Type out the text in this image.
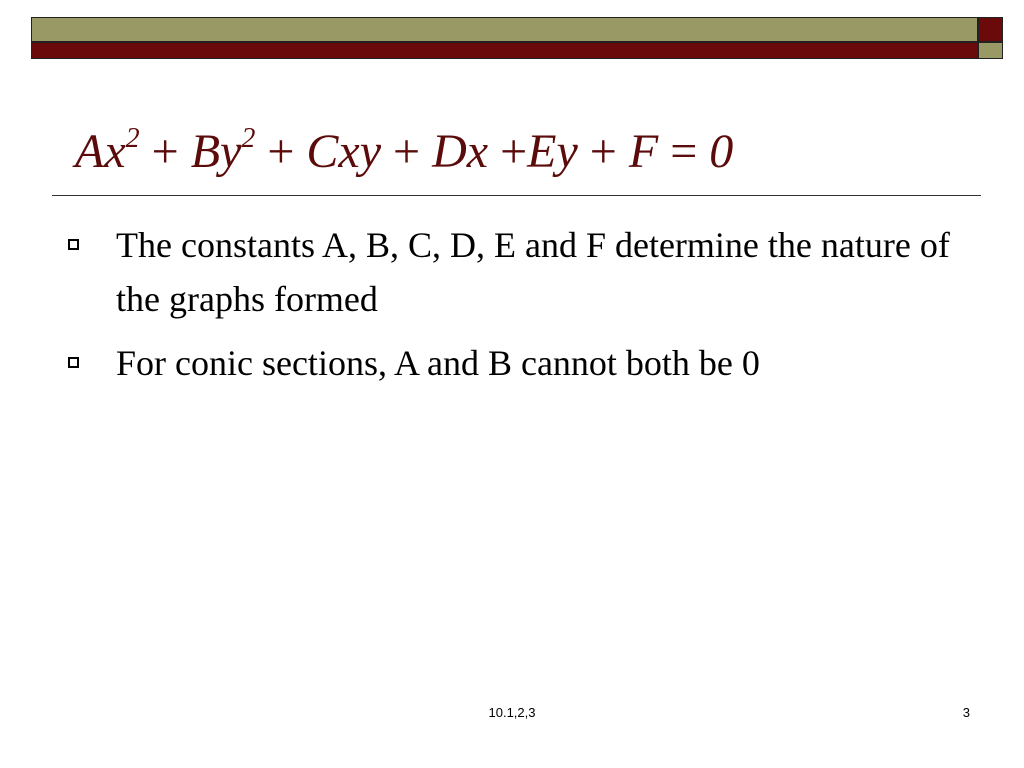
$Ax^2 + By^2$ + Cxy + Dx +Ey + F = 0
The constants A, B, C, D, E and F determine the nature of the graphs formed
For conic sections, A and B cannot both be 0
10.1,2,3	3
